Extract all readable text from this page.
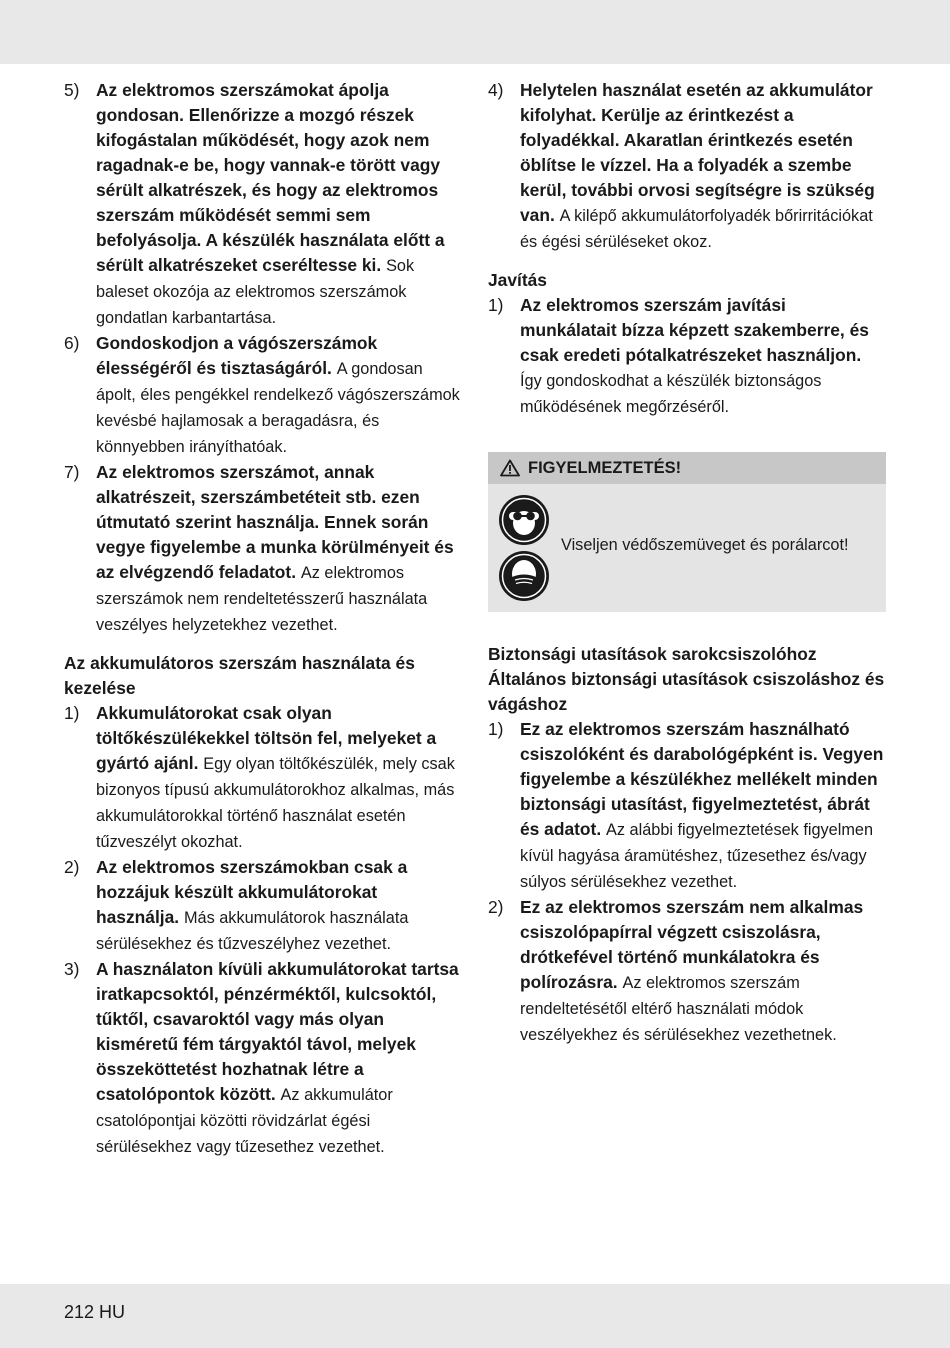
5) Az elektromos szerszámokat ápolja gondosan. Ellenőrizze a mozgó részek kifogástalan működését, hogy azok nem ragadnak-e be, hogy vannak-e törött vagy sérült alkatrészek, és hogy az elektromos szerszám működését semmi sem befolyásolja. A készülék használata előtt a sérült alkatrészeket cseréltesse ki. Sok baleset okozója az elektromos szerszámok gondatlan karbantartása.
6) Gondoskodjon a vágószerszámok élességéről és tisztaságáról. A gondosan ápolt, éles pengékkel rendelkező vágószerszámok kevésbé hajlamosak a beragadásra, és könnyebben irányíthatóak.
7) Az elektromos szerszámot, annak alkatrészeit, szerszámbetéteit stb. ezen útmutató szerint használja. Ennek során vegye figyelembe a munka körülményeit és az elvégzendő feladatot. Az elektromos szerszámok nem rendeltetésszerű használata veszélyes helyzetekhez vezethet.
Az akkumulátoros szerszám használata és kezelése
1) Akkumulátorokat csak olyan töltőkészülékekkel töltsön fel, melyeket a gyártó ajánl. Egy olyan töltőkészülék, mely csak bizonyos típusú akkumulátorokhoz alkalmas, más akkumulátorokkal történő használat esetén tűzveszélyt okozhat.
2) Az elektromos szerszámokban csak a hozzájuk készült akkumulátorokat használja. Más akkumulátorok használata sérülésekhez és tűzveszélyhez vezethet.
3) A használaton kívüli akkumulátorokat tartsa iratkapcsoktól, pénzérméktől, kulcsoktól, tűktől, csavaroktól vagy más olyan kisméretű fém tárgyaktól távol, melyek összeköttetést hozhatnak létre a csatolópontok között. Az akkumulátor csatolópontjai közötti rövidzárlat égési sérülésekhez vagy tűzesethez vezethet.
4) Helytelen használat esetén az akkumulátor kifolyhat. Kerülje az érintkezést a folyadékkal. Akaratlan érintkezés esetén öblítse le vízzel. Ha a folyadék a szembe kerül, további orvosi segítségre is szükség van. A kilépő akkumulátorfolyadék bőrirritációkat és égési sérüléseket okoz.
Javítás
1) Az elektromos szerszám javítási munkálatait bízza képzett szakemberre, és csak eredeti pótalkatrészeket használjon. Így gondoskodhat a készülék biztonságos működésének megőrzéséről.
FIGYELMEZTETÉS!
Viseljen védőszemüveget és porálarcot!
Biztonsági utasítások sarokcsiszolóhoz
Általános biztonsági utasítások csiszoláshoz és vágáshoz
1) Ez az elektromos szerszám használható csiszolóként és darabológépként is. Vegyen figyelembe a készülékhez mellékelt minden biztonsági utasítást, figyelmeztetést, ábrát és adatot. Az alábbi figyelmeztetések figyelmen kívül hagyása áramütéshez, tűzesethez és/vagy súlyos sérülésekhez vezethet.
2) Ez az elektromos szerszám nem alkalmas csiszolópapírral végzett csiszolásra, drótkefével történő munkálatokra és polírozásra. Az elektromos szerszám rendeltetésétől eltérő használati módok veszélyekhez és sérülésekhez vezethetnek.
212 HU
